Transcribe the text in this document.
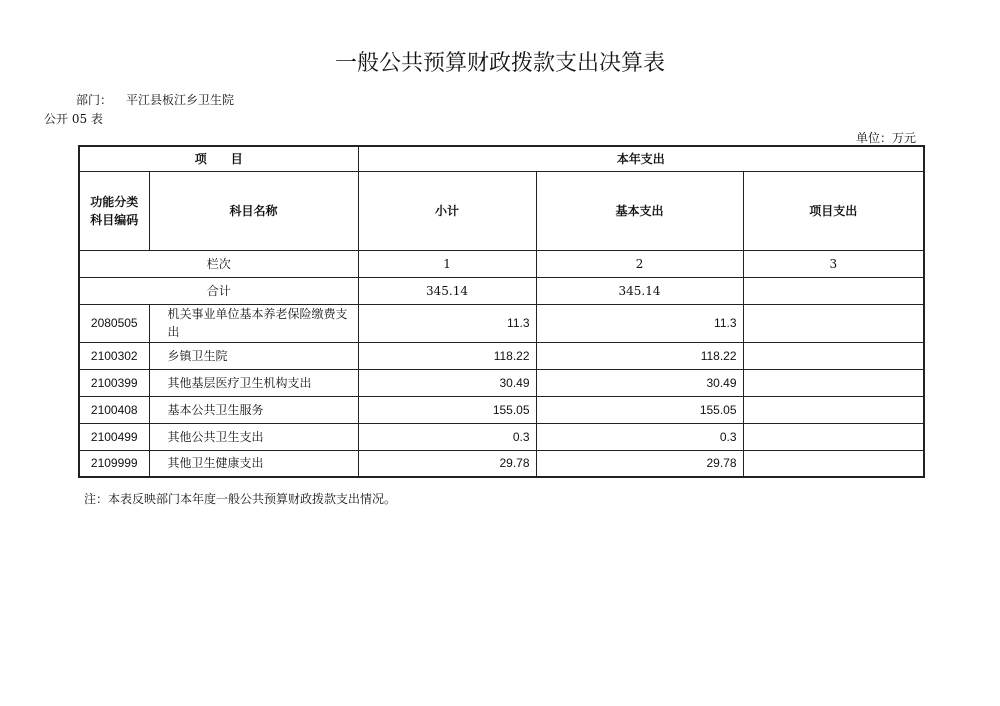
一般公共预算财政拨款支出决算表
部门： 平江县板江乡卫生院
公开 05 表
单位：万元
项　　目		本年支出		
功能分类科目编码	科目名称	小计	基本支出	项目支出
栏次		1	2	3
合计		345.14	345.14	
2080505	机关事业单位基本养老保险缴费支出	11.3	11.3	
2100302	乡镇卫生院	118.22	118.22	
2100399	其他基层医疗卫生机构支出	30.49	30.49	
2100408	基本公共卫生服务	155.05	155.05	
2100499	其他公共卫生支出	0.3	0.3	
2109999	其他卫生健康支出	29.78	29.78	
注：本表反映部门本年度一般公共预算财政拨款支出情况。
